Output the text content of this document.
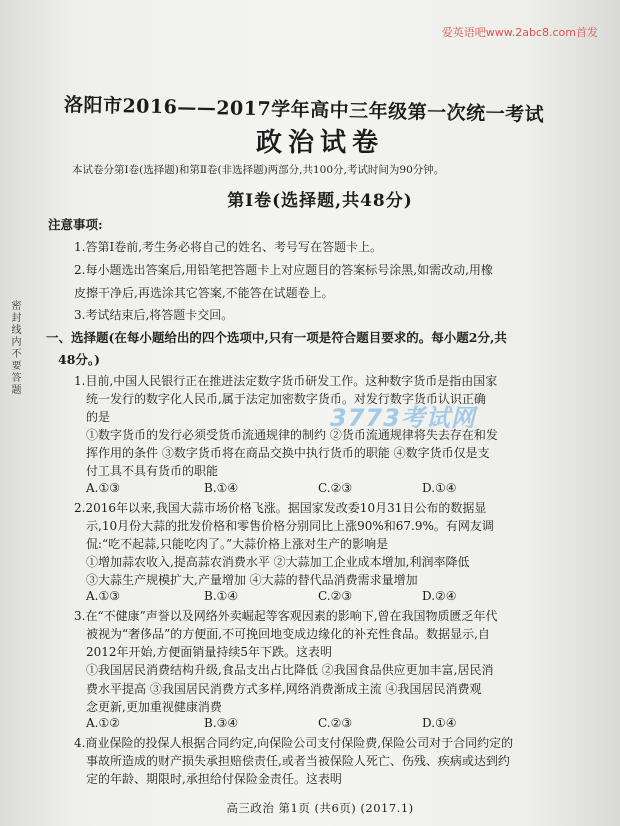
爱英语吧www.2abc8.com首发
密封线内不要答题
洛阳市2016——2017学年高中三年级第一次统一考试
政治试卷
本试卷分第Ⅰ卷(选择题)和第Ⅱ卷(非选择题)两部分,共100分,考试时间为90分钟。
第Ⅰ卷(选择题,共48分)
注意事项:
1.答第Ⅰ卷前,考生务必将自己的姓名、考号写在答题卡上。
2.每小题选出答案后,用铅笔把答题卡上对应题目的答案标号涂黑,如需改动,用橡
皮擦干净后,再选涂其它答案,不能答在试题卷上。
3.考试结束后,将答题卡交回。
一、选择题(在每小题给出的四个选项中,只有一项是符合题目要求的。每小题2分,共
48分。)
1.目前,中国人民银行正在推进法定数字货币研发工作。这种数字货币是指由国家
统一发行的数字化人民币,属于法定加密数字货币。对发行数字货币认识正确
的是
①数字货币的发行必须受货币流通规律的制约 ②货币流通规律将失去存在和发
挥作用的条件 ③数字货币将在商品交换中执行货币的职能 ④数字货币仅是支
付工具不具有货币的职能
A.①③	B.①④	C.②③	D.①④
2.2016年以来,我国大蒜市场价格飞涨。据国家发改委10月31日公布的数据显
示,10月份大蒜的批发价格和零售价格分别同比上涨90%和67.9%。有网友调
侃:“吃不起蒜,只能吃肉了。”大蒜价格上涨对生产的影响是
①增加蒜农收入,提高蒜农消费水平 ②大蒜加工企业成本增加,利润率降低
③大蒜生产规模扩大,产量增加 ④大蒜的替代品消费需求量增加
A.①③	B.①④	C.②③	D.②④
3.在“不健康”声誉以及网络外卖崛起等客观因素的影响下,曾在我国物质匮乏年代
被视为“奢侈品”的方便面,不可挽回地变成边缘化的补充性食品。数据显示,自
2012年开始,方便面销量持续5年下跌。这表明
①我国居民消费结构升级,食品支出占比降低 ②我国食品供应更加丰富,居民消
费水平提高 ③我国居民消费方式多样,网络消费渐成主流 ④我国居民消费观
念更新,更加重视健康消费
A.①②	B.③④	C.②③	D.①④
4.商业保险的投保人根据合同约定,向保险公司支付保险费,保险公司对于合同约定的
事故所造成的财产损失承担赔偿责任,或者当被保险人死亡、伤残、疾病或达到约
定的年龄、期限时,承担给付保险金责任。这表明
3773考试网
高三政治 第1页 (共6页) (2017.1)
